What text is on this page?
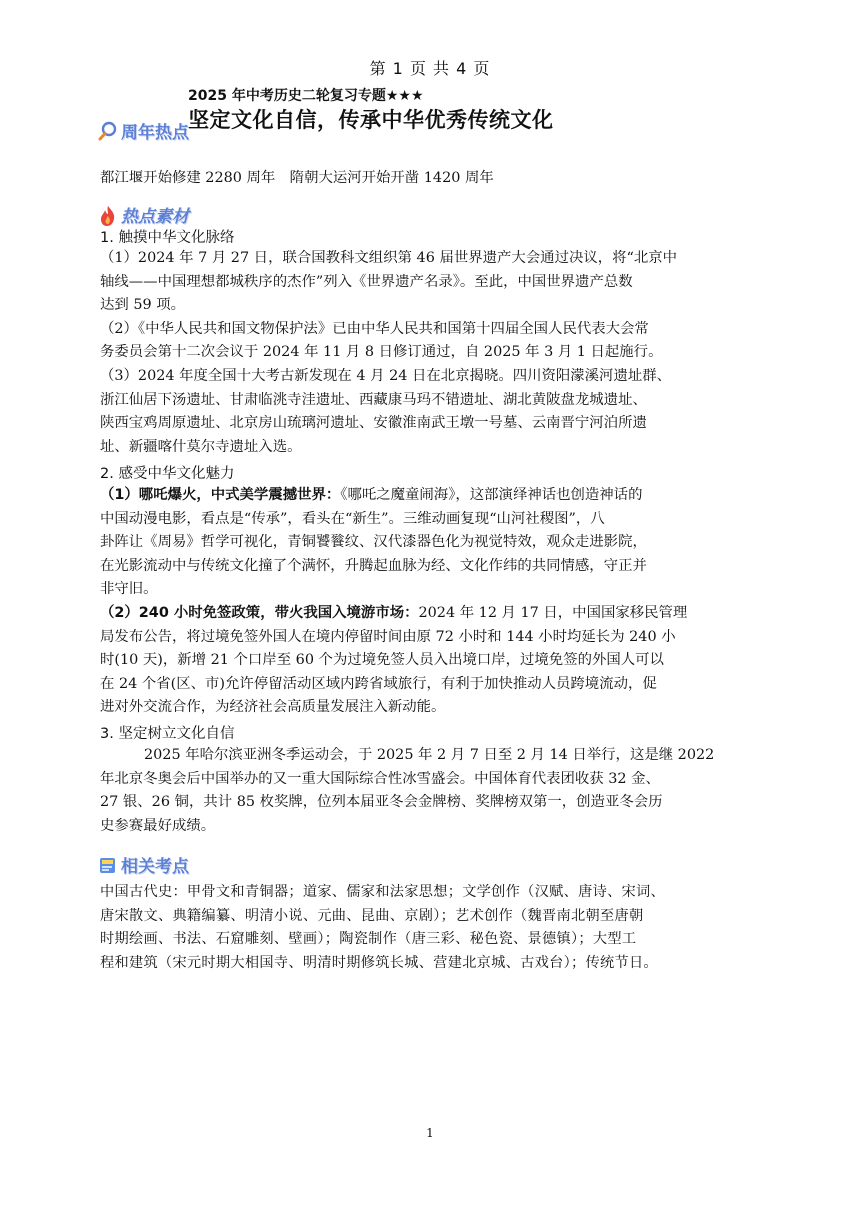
第 1 页 共 4 页
2025 年中考历史二轮复习专题★★★
坚定文化自信，传承中华优秀传统文化
周年热点
都江堰开始修建 2280 周年　隋朝大运河开始开凿 1420 周年
热点素材
1. 触摸中华文化脉络
（1）2024 年 7 月 27 日，联合国教科文组织第 46 届世界遗产大会通过决议，将“北京中
轴线——中国理想都城秩序的杰作”列入《世界遗产名录》。至此，中国世界遗产总数
达到 59 项。
（2）《中华人民共和国文物保护法》已由中华人民共和国第十四届全国人民代表大会常
务委员会第十二次会议于 2024 年 11 月 8 日修订通过，自 2025 年 3 月 1 日起施行。
（3）2024 年度全国十大考古新发现在 4 月 24 日在北京揭晓。四川资阳濛溪河遗址群、
浙江仙居下汤遗址、甘肃临洮寺洼遗址、西藏康马玛不错遗址、湖北黄陂盘龙城遗址、
陕西宝鸡周原遗址、北京房山琉璃河遗址、安徽淮南武王墩一号墓、云南晋宁河泊所遗
址、新疆喀什莫尔寺遗址入选。
2. 感受中华文化魅力
（1）哪吒爆火，中式美学震撼世界：《哪吒之魔童闹海》，这部演绎神话也创造神话的
中国动漫电影，看点是“传承”，看头在“新生”。三维动画复现“山河社稷图”，八
卦阵让《周易》哲学可视化，青铜饕餮纹、汉代漆器色化为视觉特效，观众走进影院，
在光影流动中与传统文化撞了个满怀，升腾起血脉为经、文化作纬的共同情感，守正并
非守旧。
（2）240 小时免签政策，带火我国入境游市场：2024 年 12 月 17 日，中国国家移民管理
局发布公告，将过境免签外国人在境内停留时间由原 72 小时和 144 小时均延长为 240 小
时(10 天)，新增 21 个口岸至 60 个为过境免签人员入出境口岸，过境免签的外国人可以
在 24 个省(区、市)允许停留活动区域内跨省域旅行，有利于加快推动人员跨境流动，促
进对外交流合作，为经济社会高质量发展注入新动能。
3. 坚定树立文化自信
2025 年哈尔滨亚洲冬季运动会，于 2025 年 2 月 7 日至 2 月 14 日举行，这是继 2022
年北京冬奥会后中国举办的又一重大国际综合性冰雪盛会。中国体育代表团收获 32 金、
27 银、26 铜，共计 85 枚奖牌，位列本届亚冬会金牌榜、奖牌榜双第一，创造亚冬会历
史参赛最好成绩。
相关考点
中国古代史：甲骨文和青铜器；道家、儒家和法家思想；文学创作（汉赋、唐诗、宋词、
唐宋散文、典籍编纂、明清小说、元曲、昆曲、京剧）；艺术创作（魏晋南北朝至唐朝
时期绘画、书法、石窟雕刻、壁画）；陶瓷制作（唐三彩、秘色瓷、景德镇）；大型工
程和建筑（宋元时期大相国寺、明清时期修筑长城、营建北京城、古戏台）；传统节日。
1
